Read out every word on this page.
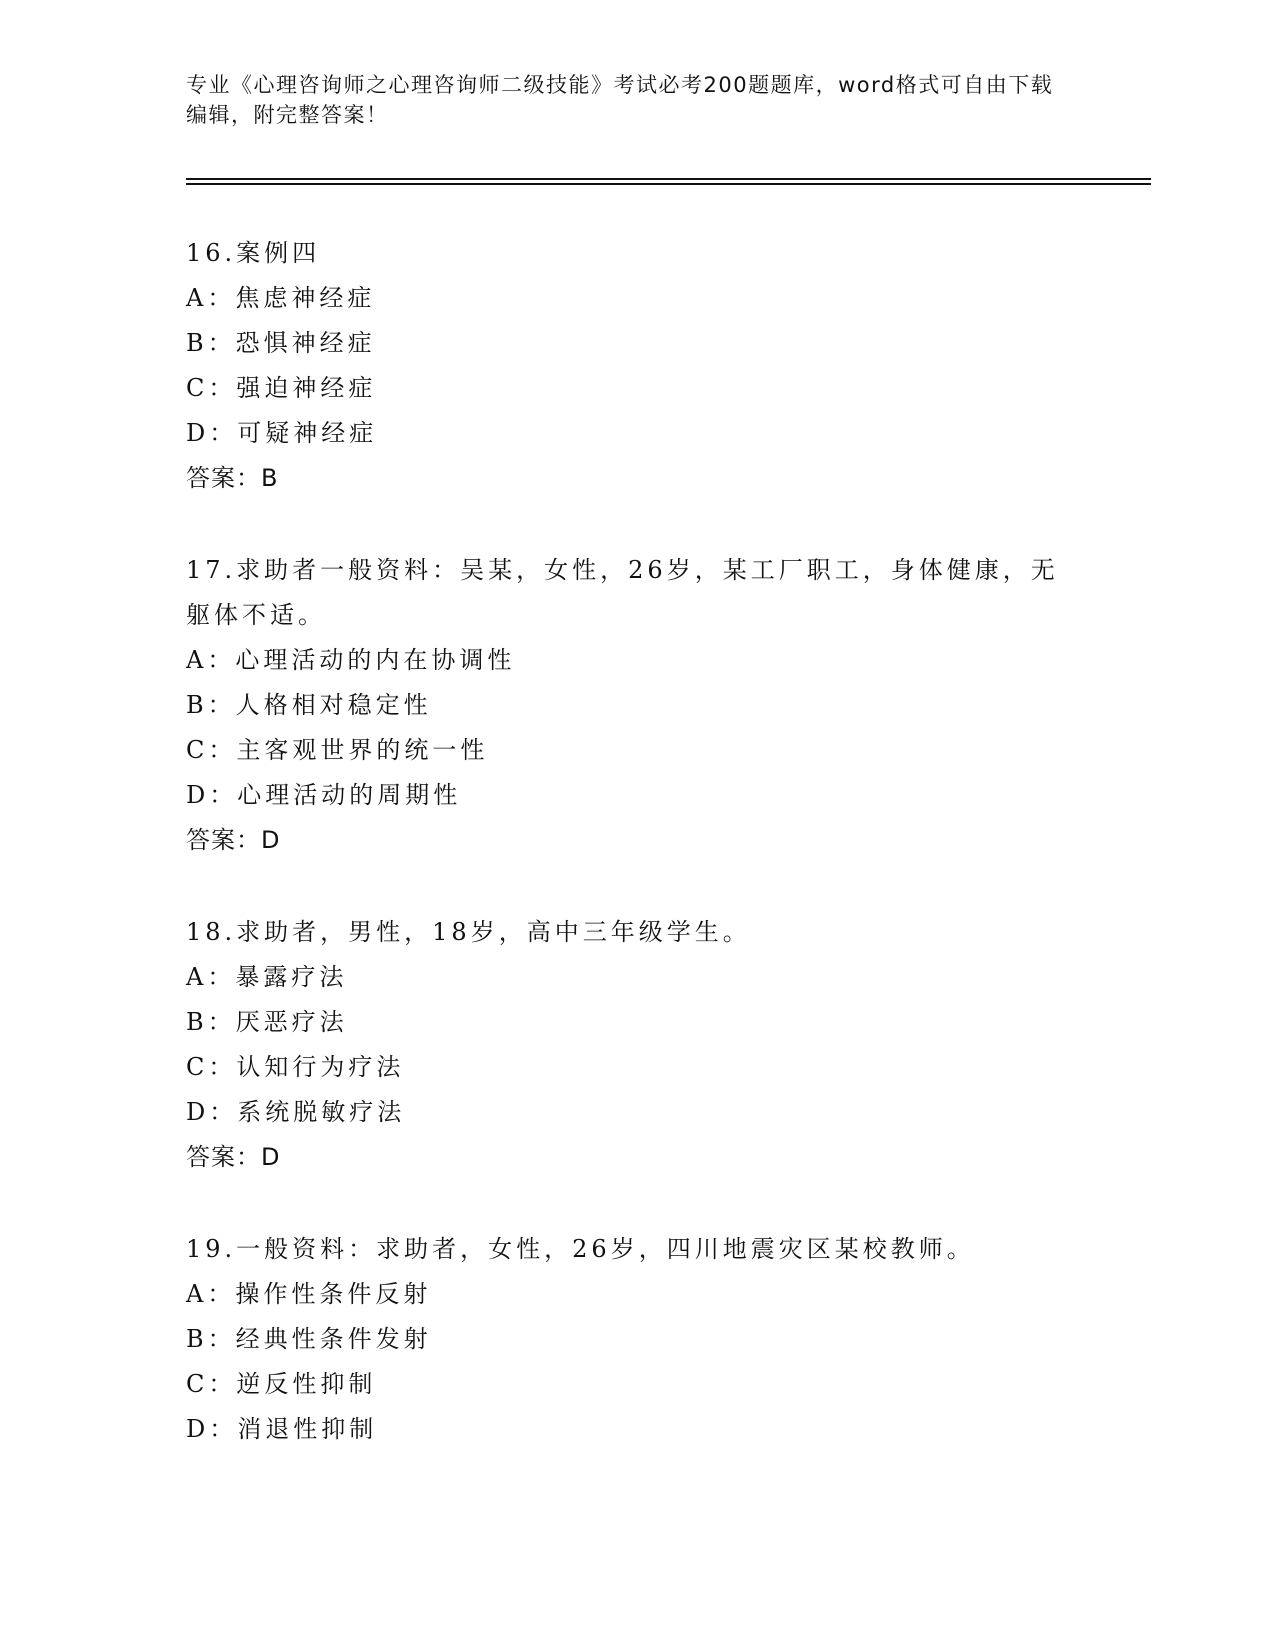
专业《心理咨询师之心理咨询师二级技能》考试必考200题题库，word格式可自由下载编辑，附完整答案！
16.案例四
A：焦虑神经症
B：恐惧神经症
C：强迫神经症
D：可疑神经症
答案：B
17.求助者一般资料：吴某，女性，26岁，某工厂职工，身体健康，无躯体不适。
A：心理活动的内在协调性
B：人格相对稳定性
C：主客观世界的统一性
D：心理活动的周期性
答案：D
18.求助者，男性，18岁，高中三年级学生。
A：暴露疗法
B：厌恶疗法
C：认知行为疗法
D：系统脱敏疗法
答案：D
19.一般资料：求助者，女性，26岁，四川地震灾区某校教师。
A：操作性条件反射
B：经典性条件发射
C：逆反性抑制
D：消退性抑制
